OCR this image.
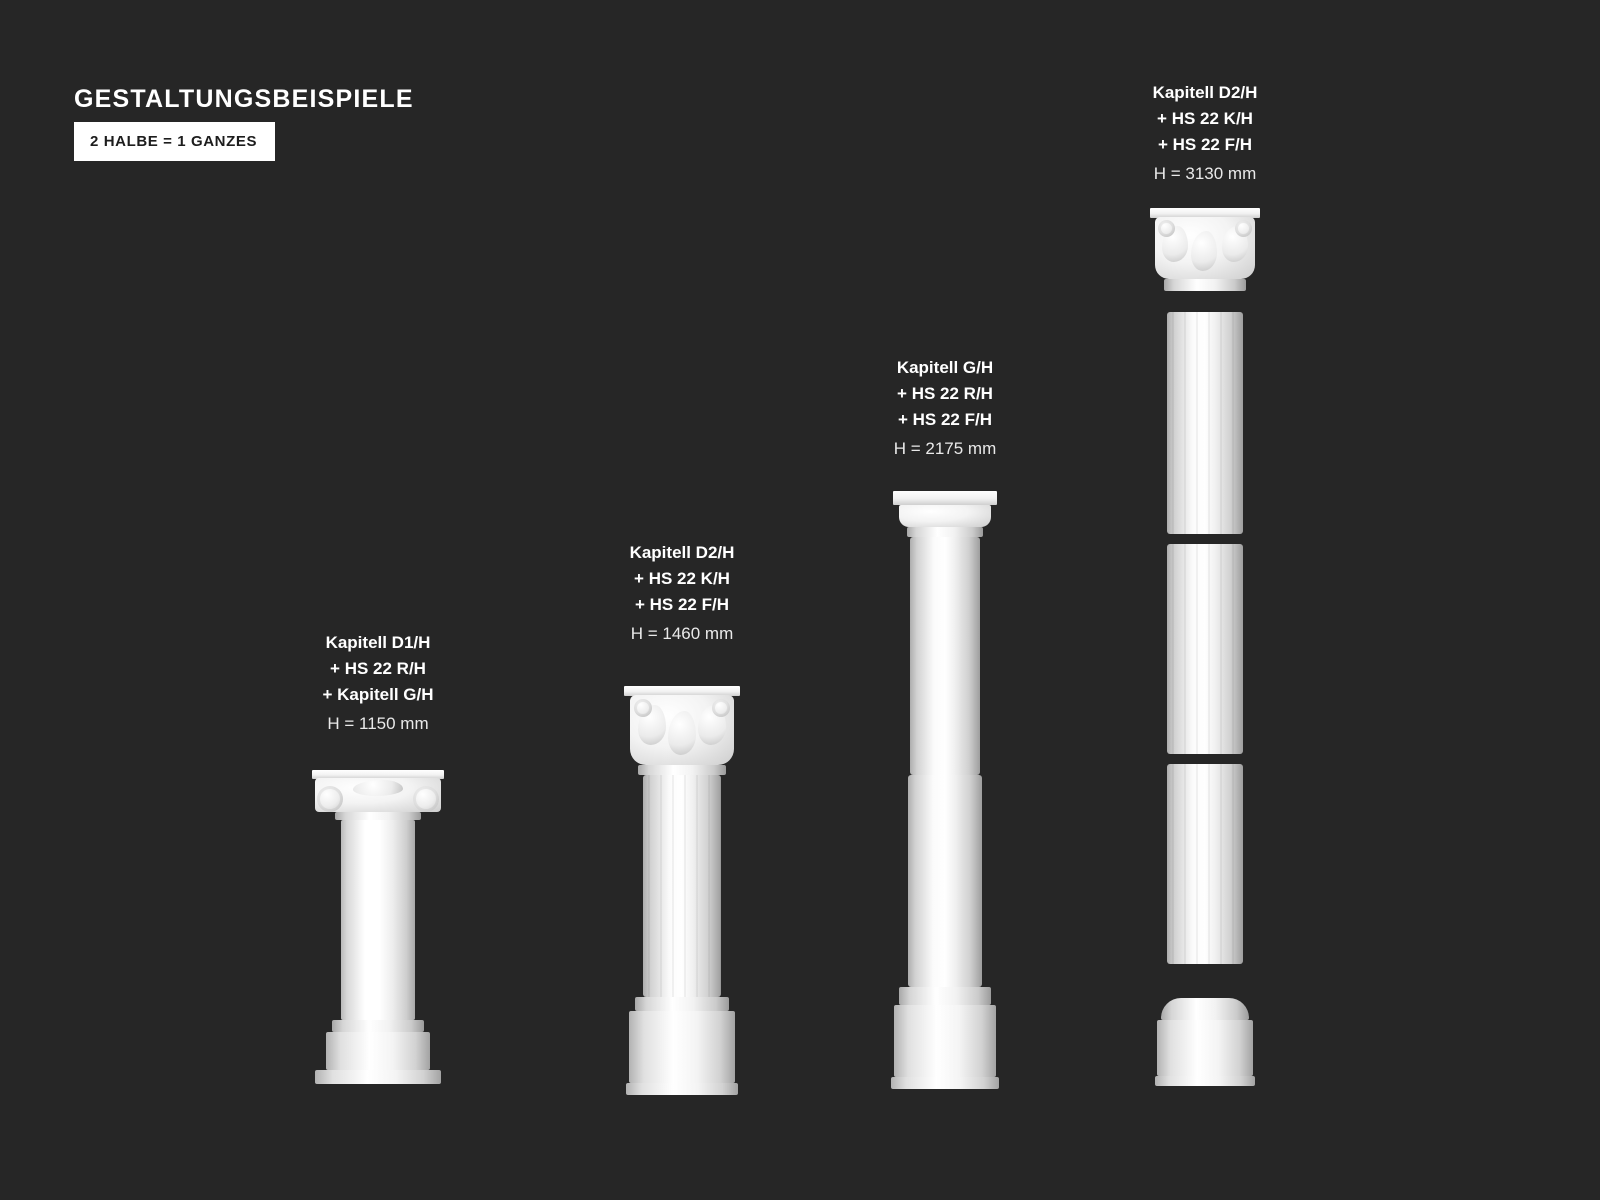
GESTALTUNGSBEISPIELE
2 HALBE = 1 GANZES
Kapitell D1/H
+ HS 22 R/H
+ Kapitell G/H
H = 1150 mm
Kapitell D2/H
+ HS 22 K/H
+ HS 22 F/H
H = 1460 mm
Kapitell G/H
+ HS 22 R/H
+ HS 22 F/H
H = 2175 mm
Kapitell D2/H
+ HS 22 K/H
+ HS 22 F/H
H = 3130 mm
